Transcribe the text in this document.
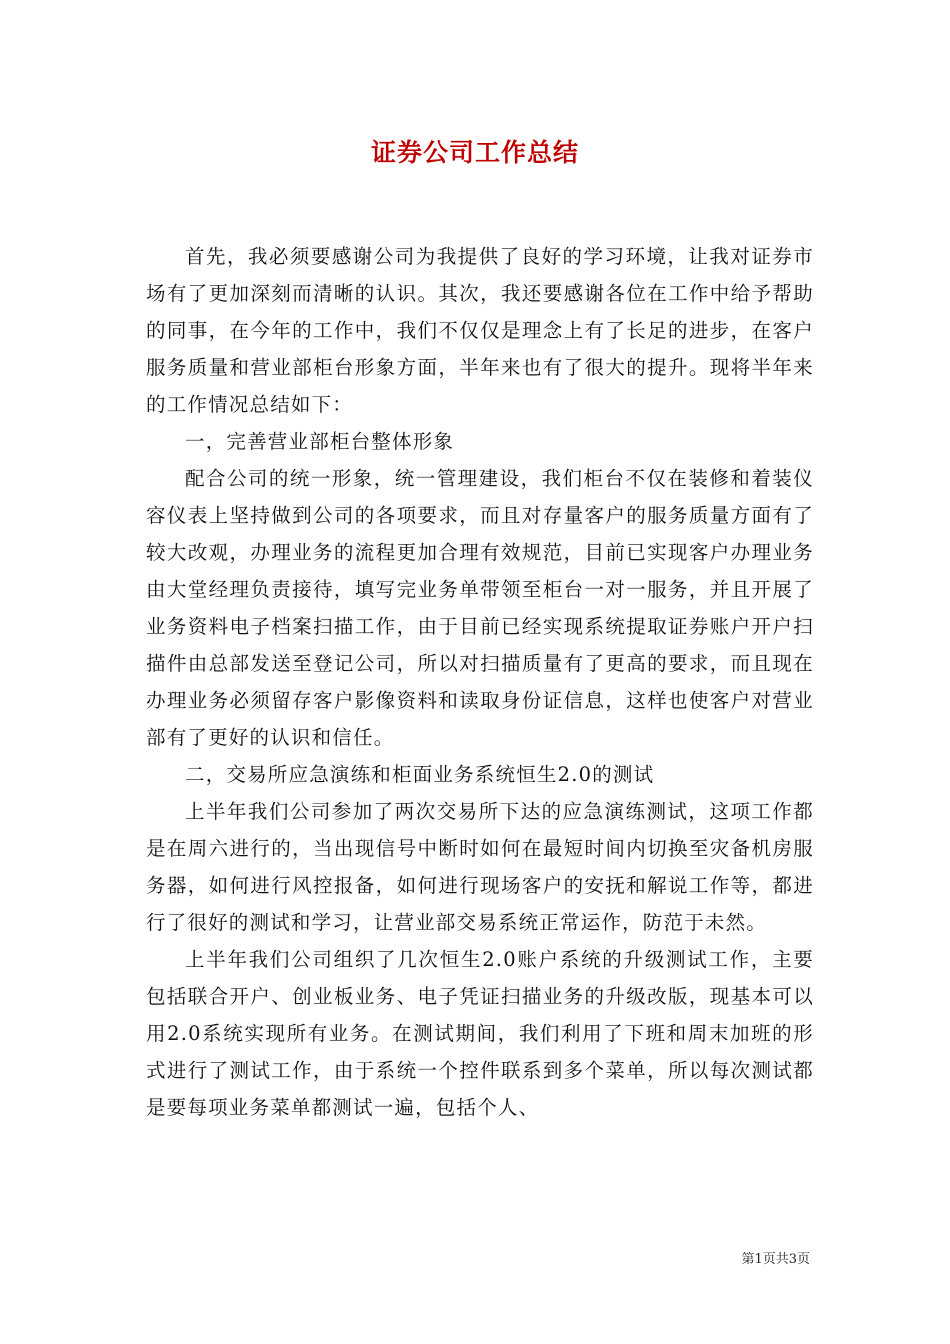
证券公司工作总结

首先，我必须要感谢公司为我提供了良好的学习环境，让我对证券市场有了更加深刻而清晰的认识。其次，我还要感谢各位在工作中给予帮助的同事，在今年的工作中，我们不仅仅是理念上有了长足的进步，在客户服务质量和营业部柜台形象方面，半年来也有了很大的提升。现将半年来的工作情况总结如下：

一，完善营业部柜台整体形象

配合公司的统一形象，统一管理建设，我们柜台不仅在装修和着装仪容仪表上坚持做到公司的各项要求，而且对存量客户的服务质量方面有了较大改观，办理业务的流程更加合理有效规范，目前已实现客户办理业务由大堂经理负责接待，填写完业务单带领至柜台一对一服务，并且开展了业务资料电子档案扫描工作，由于目前已经实现系统提取证券账户开户扫描件由总部发送至登记公司，所以对扫描质量有了更高的要求，而且现在办理业务必须留存客户影像资料和读取身份证信息，这样也使客户对营业部有了更好的认识和信任。

二，交易所应急演练和柜面业务系统恒生2.0的测试

上半年我们公司参加了两次交易所下达的应急演练测试，这项工作都是在周六进行的，当出现信号中断时如何在最短时间内切换至灾备机房服务器，如何进行风控报备，如何进行现场客户的安抚和解说工作等，都进行了很好的测试和学习，让营业部交易系统正常运作，防范于未然。

上半年我们公司组织了几次恒生2.0账户系统的升级测试工作，主要包括联合开户、创业板业务、电子凭证扫描业务的升级改版，现基本可以用2.0系统实现所有业务。在测试期间，我们利用了下班和周末加班的形式进行了测试工作，由于系统一个控件联系到多个菜单，所以每次测试都是要每项业务菜单都测试一遍，包括个人、

第1页共3页
